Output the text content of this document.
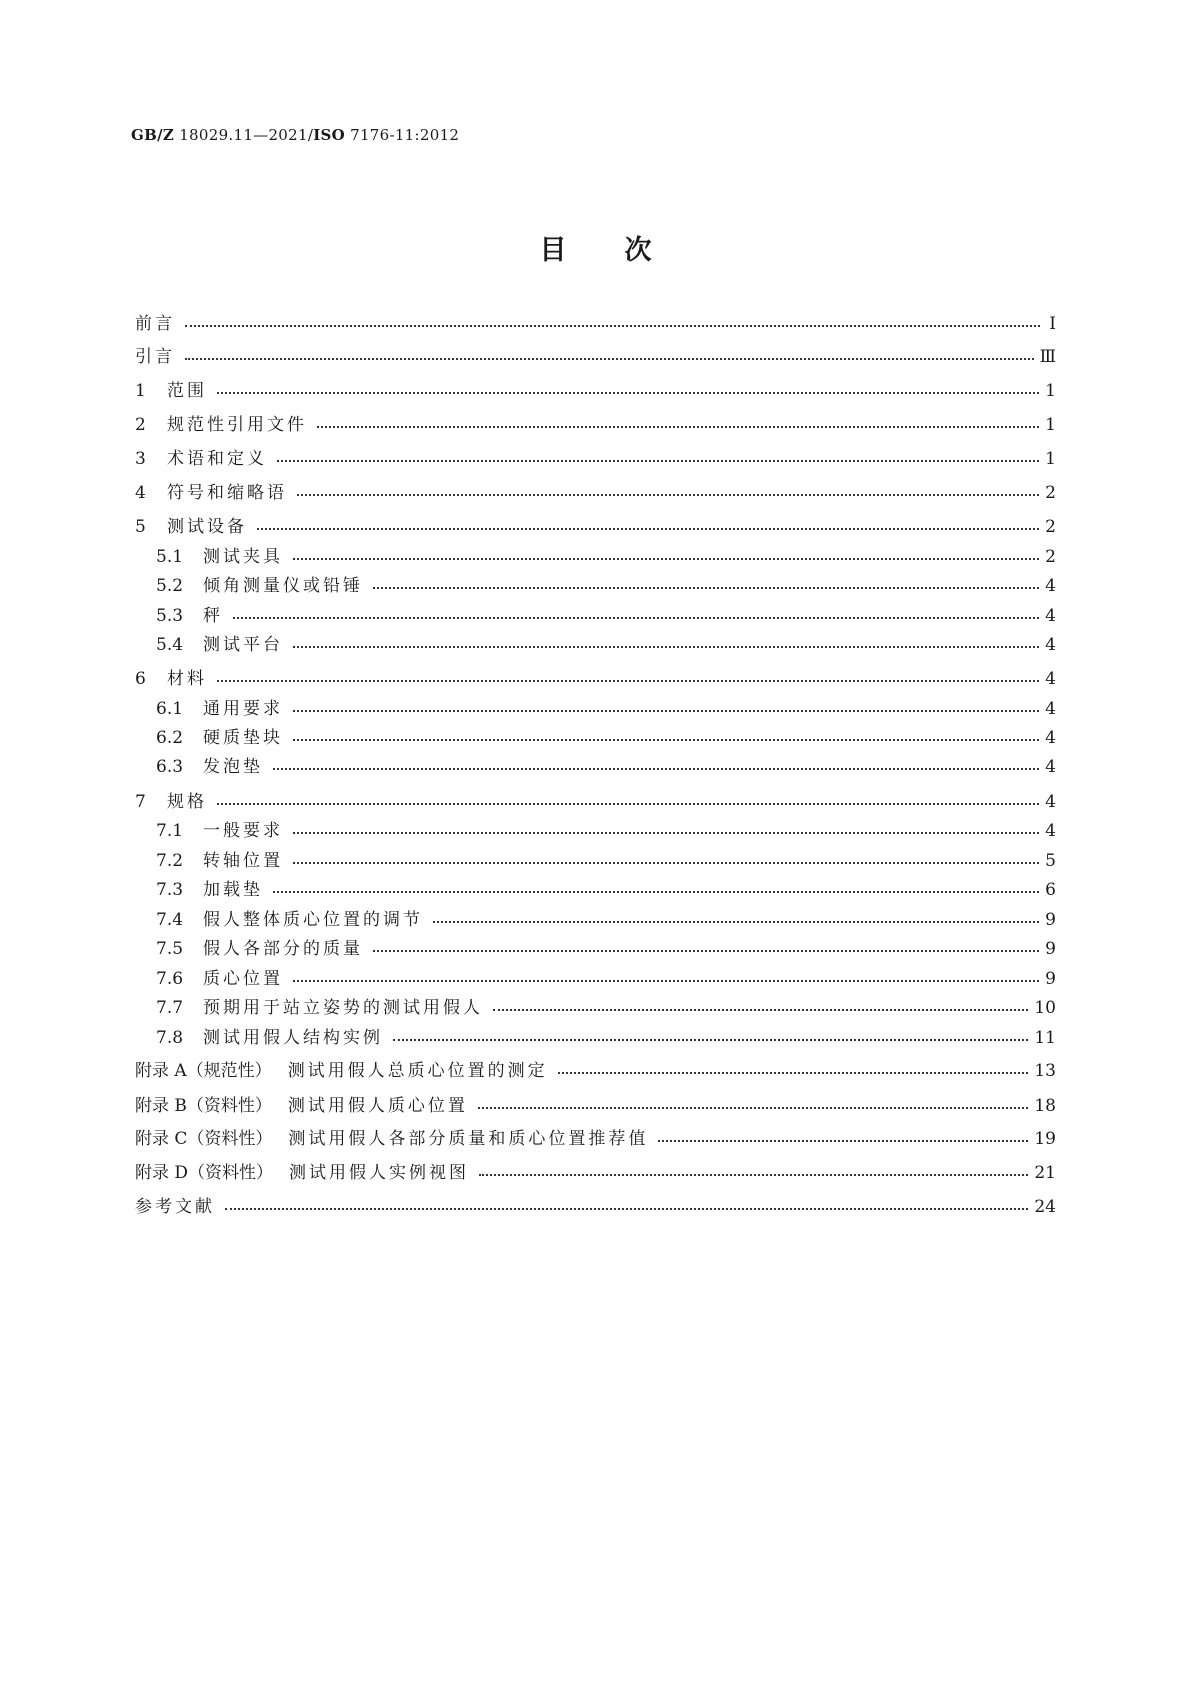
GB/Z 18029.11—2021/ISO 7176-11:2012
目次
前言	Ⅰ
引言	Ⅲ
1	范围	1
2	规范性引用文件	1
3	术语和定义	1
4	符号和缩略语	2
5	测试设备	2
5.1	测试夹具	2
5.2	倾角测量仪或铅锤	4
5.3	秤	4
5.4	测试平台	4
6	材料	4
6.1	通用要求	4
6.2	硬质垫块	4
6.3	发泡垫	4
7	规格	4
7.1	一般要求	4
7.2	转轴位置	5
7.3	加载垫	6
7.4	假人整体质心位置的调节	9
7.5	假人各部分的质量	9
7.6	质心位置	9
7.7	预期用于站立姿势的测试用假人	10
7.8	测试用假人结构实例	11
附录 A（规范性） 测试用假人总质心位置的测定	13
附录 B（资料性） 测试用假人质心位置	18
附录 C（资料性） 测试用假人各部分质量和质心位置推荐值	19
附录 D（资料性） 测试用假人实例视图	21
参考文献	24
